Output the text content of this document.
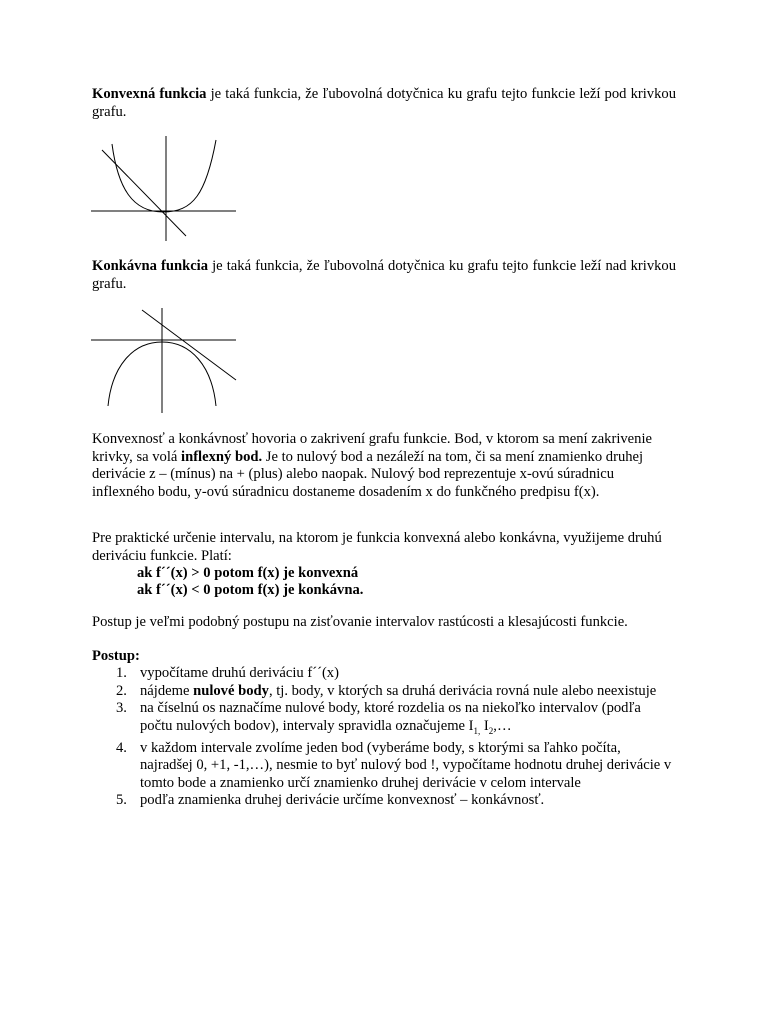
Konvexná funkcia je taká funkcia, že ľubovolná dotyčnica ku grafu tejto funkcie leží pod krivkou grafu.

Konkávna funkcia je taká funkcia, že ľubovolná dotyčnica ku grafu tejto funkcie leží nad krivkou grafu.

Konvexnosť a konkávnosť hovoria o zakrivení grafu funkcie. Bod, v ktorom sa mení zakrivenie krivky, sa volá inflexný bod. Je to nulový bod a nezáleží na tom, či sa mení znamienko druhej derivácie z – (mínus) na + (plus) alebo naopak. Nulový bod reprezentuje x-ovú súradnicu inflexného bodu, y-ovú súradnicu dostaneme dosadením x do funkčného predpisu f(x).

Pre praktické určenie intervalu, na ktorom je funkcia konvexná alebo konkávna, využijeme druhú deriváciu funkcie. Platí:

ak f´´(x) > 0 potom f(x) je konvexná
ak f´´(x) < 0 potom f(x) je konkávna.

Postup je veľmi podobný postupu na zisťovanie intervalov rastúcosti a klesajúcosti funkcie.

Postup:
1. vypočítame druhú deriváciu f´´(x)
2. nájdeme nulové body, tj. body, v ktorých sa druhá derivácia rovná nule alebo neexistuje
3. na číselnú os naznačíme nulové body, ktoré rozdelia os na niekoľko intervalov (podľa počtu nulových bodov), intervaly spravidla označujeme $I_{1,}$ $I_2,\dots$
4. v každom intervale zvolíme jeden bod (vyberáme body, s ktorými sa ľahko počíta, najradšej 0, +1, -1,…), nesmie to byť nulový bod !, vypočítame hodnotu druhej derivácie v tomto bode a znamienko určí znamienko druhej derivácie v celom intervale
5. podľa znamienka druhej derivácie určíme konvexnosť – konkávnosť.
